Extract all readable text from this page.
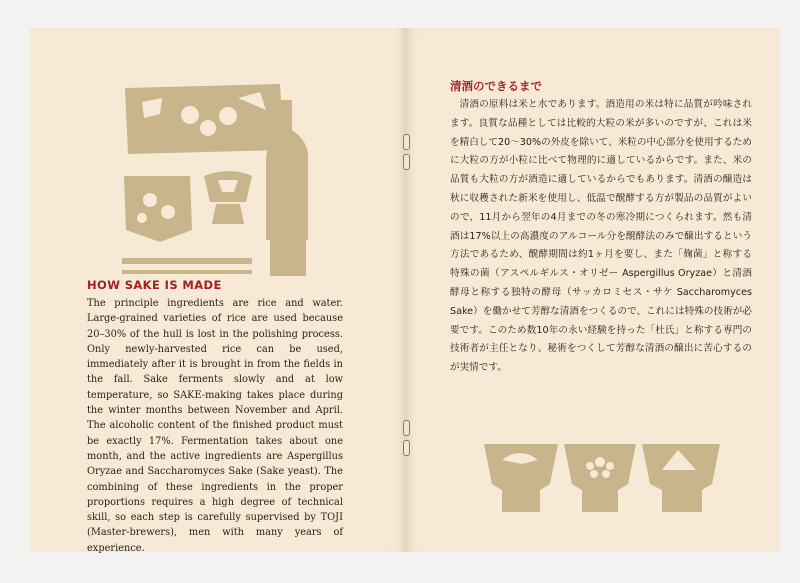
HOW SAKE IS MADE

The principle ingredients are rice and water. Large-grained varieties of rice are used because 20–30% of the hull is lost in the polishing process. Only newly-harvested rice can be used, immediately after it is brought in from the fields in the fall. Sake ferments slowly and at low temperature, so SAKE-making takes place during the winter months between November and April. The alcoholic content of the finished product must be exactly 17%. Fermentation takes about one month, and the active ingredients are Aspergillus Oryzae and Saccharomyces Sake (Sake yeast). The combining of these ingredients in the proper proportions requires a high degree of technical skill, so each step is carefully supervised by TOJI (Master-brewers), men with many years of experience.

清酒のできるまで

清酒の原料は米と水であります。酒造用の米は特に品質が吟味されます。良質な品種としては比較的大粒の米が多いのですが、これは米を精白して20～30%の外皮を除いて、米粒の中心部分を使用するために大粒の方が小粒に比べて物理的に適しているからです。また、米の品質も大粒の方が酒造に適しているからでもあります。清酒の醸造は秋に収穫された新米を使用し、低温で醗酵する方が製品の品質がよいので、11月から翌年の4月までの冬の寒冷期につくられます。然も清酒は17%以上の高濃度のアルコール分を醗酵法のみで醸出するという方法であるため、醗酵期間は約1ヶ月を要し、また「麹菌」と称する特殊の菌（アスペルギルス・オリゼー Aspergillus Oryzae）と清酒酵母と称する独特の酵母（サッカロミセス・サケ Saccharomyces Sake）を働かせて芳醇な清酒をつくるので、これには特殊の技術が必要です。このため数10年の永い経験を持った「杜氏」と称する専門の技術者が主任となり、秘術をつくして芳醇な清酒の醸出に苦心するのが実情です。
